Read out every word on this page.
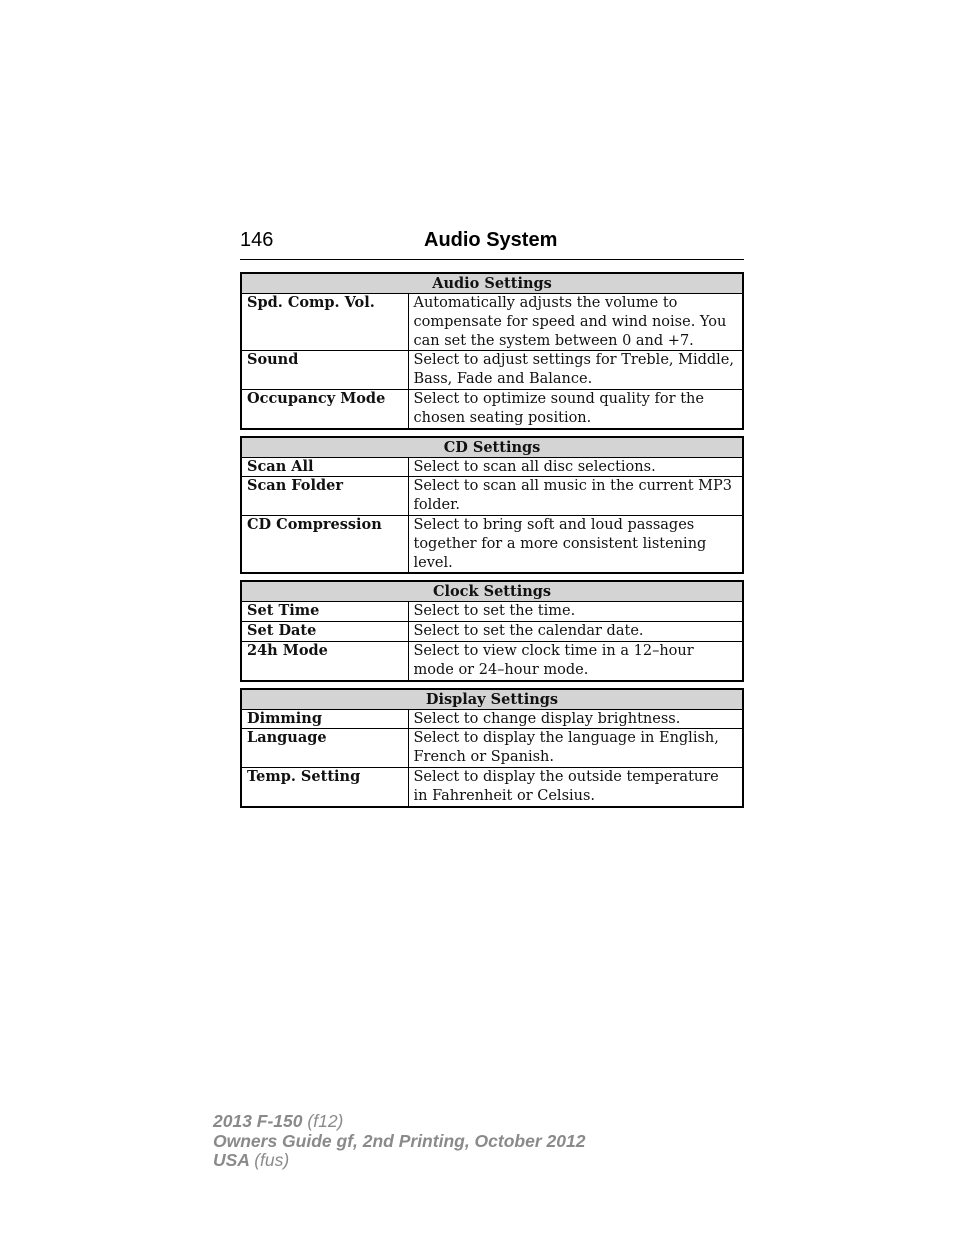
146	Audio System
Audio Settings	
Spd. Comp. Vol.	Automatically adjusts the volume to compensate for speed and wind noise. You can set the system between 0 and +7.
Sound	Select to adjust settings for Treble, Middle, Bass, Fade and Balance.
Occupancy Mode	Select to optimize sound quality for the chosen seating position.
CD Settings	
Scan All	Select to scan all disc selections.
Scan Folder	Select to scan all music in the current MP3 folder.
CD Compression	Select to bring soft and loud passages together for a more consistent listening level.
Clock Settings	
Set Time	Select to set the time.
Set Date	Select to set the calendar date.
24h Mode	Select to view clock time in a 12–hour mode or 24–hour mode.
Display Settings	
Dimming	Select to change display brightness.
Language	Select to display the language in English, French or Spanish.
Temp. Setting	Select to display the outside temperature in Fahrenheit or Celsius.
2013 F-150 (f12)
Owners Guide gf, 2nd Printing, October 2012
USA (fus)
